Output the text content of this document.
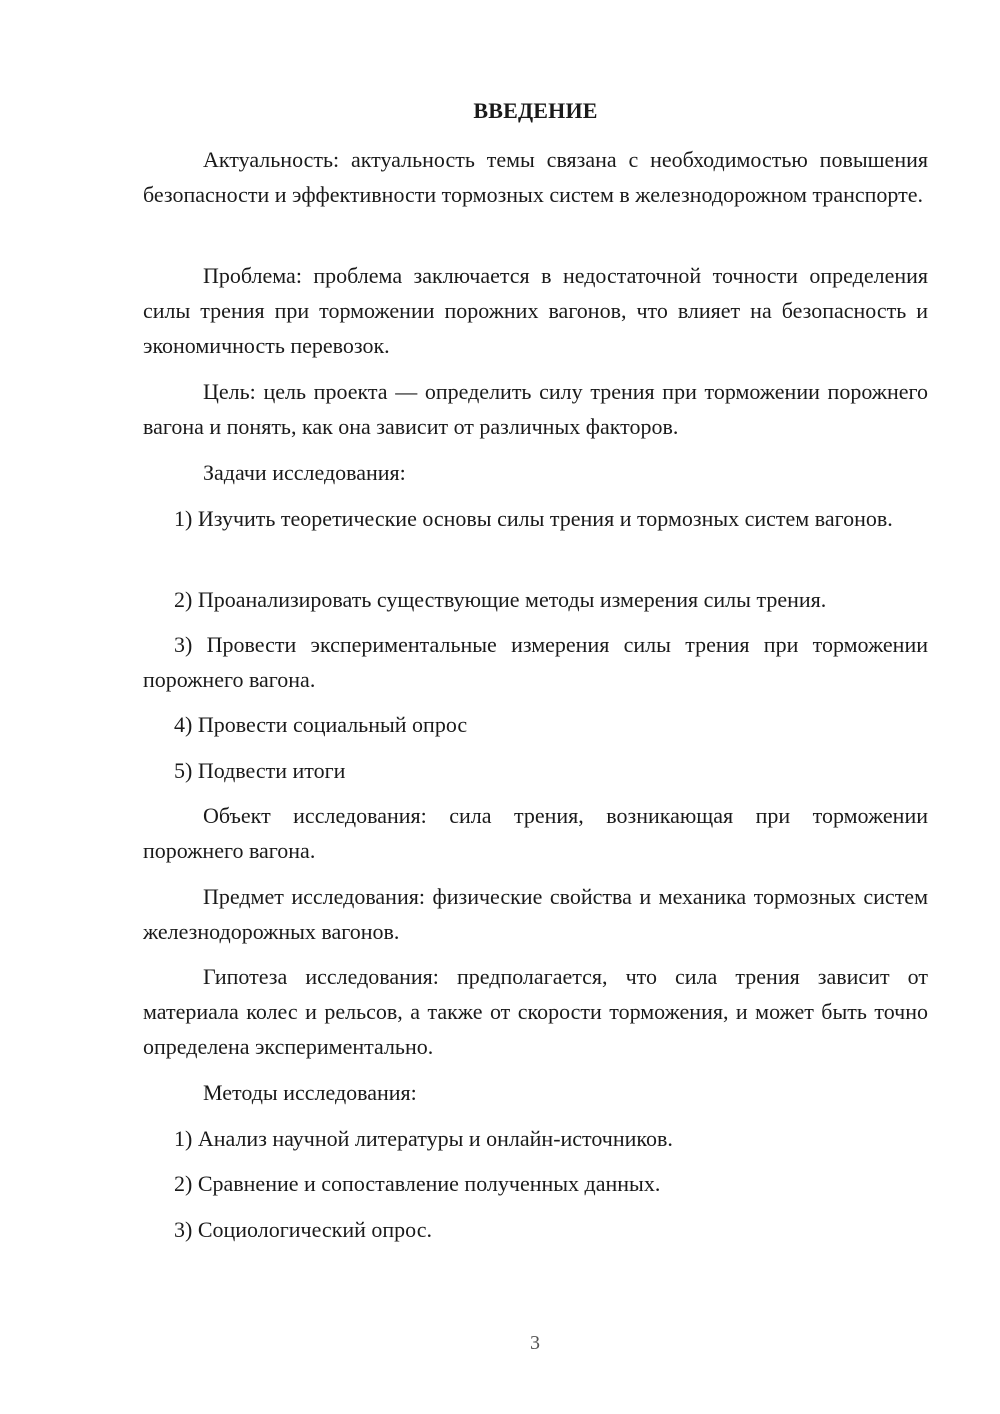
ВВЕДЕНИЕ

Актуальность: актуальность темы связана с необходимостью повышения безопасности и эффективности тормозных систем в железнодорожном транспорте.

Проблема: проблема заключается в недостаточной точности определения силы трения при торможении порожних вагонов, что влияет на безопасность и экономичность перевозок.

Цель: цель проекта — определить силу трения при торможении порожнего вагона и понять, как она зависит от различных факторов.

Задачи исследования:

1) Изучить теоретические основы силы трения и тормозных систем вагонов.

2) Проанализировать существующие методы измерения силы трения.

3) Провести экспериментальные измерения силы трения при торможении порожнего вагона.

4) Провести социальный опрос

5) Подвести итоги

Объект исследования: сила трения, возникающая при торможении порожнего вагона.

Предмет исследования: физические свойства и механика тормозных систем железнодорожных вагонов.

Гипотеза исследования: предполагается, что сила трения зависит от материала колес и рельсов, а также от скорости торможения, и может быть точно определена экспериментально.

Методы исследования:

1) Анализ научной литературы и онлайн-источников.

2) Сравнение и сопоставление полученных данных.

3) Социологический опрос.

3
